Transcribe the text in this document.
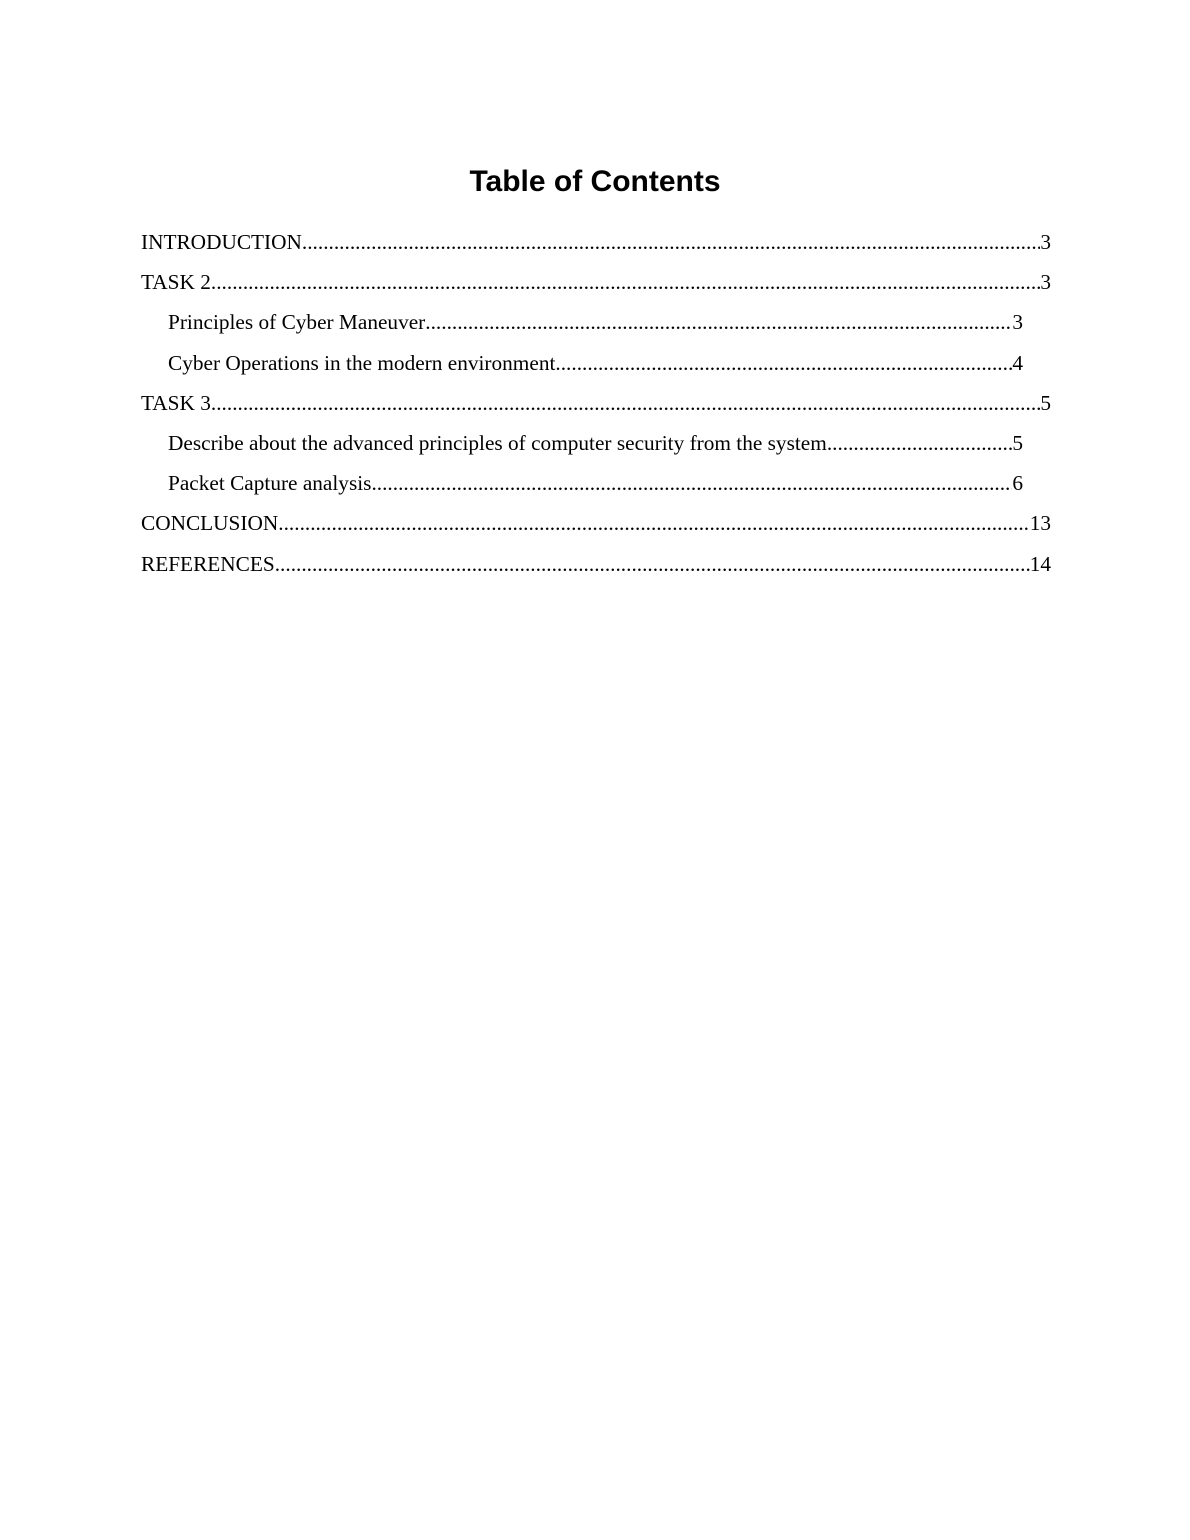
Table of Contents
INTRODUCTION .....	3
TASK 2 .....	3
Principles of Cyber Maneuver .....	3
Cyber Operations in the modern environment .....	4
TASK 3 .....	5
Describe about the advanced principles of computer security from the system .....	5
Packet Capture analysis .....	6
CONCLUSION .....	13
REFERENCES .....	14
